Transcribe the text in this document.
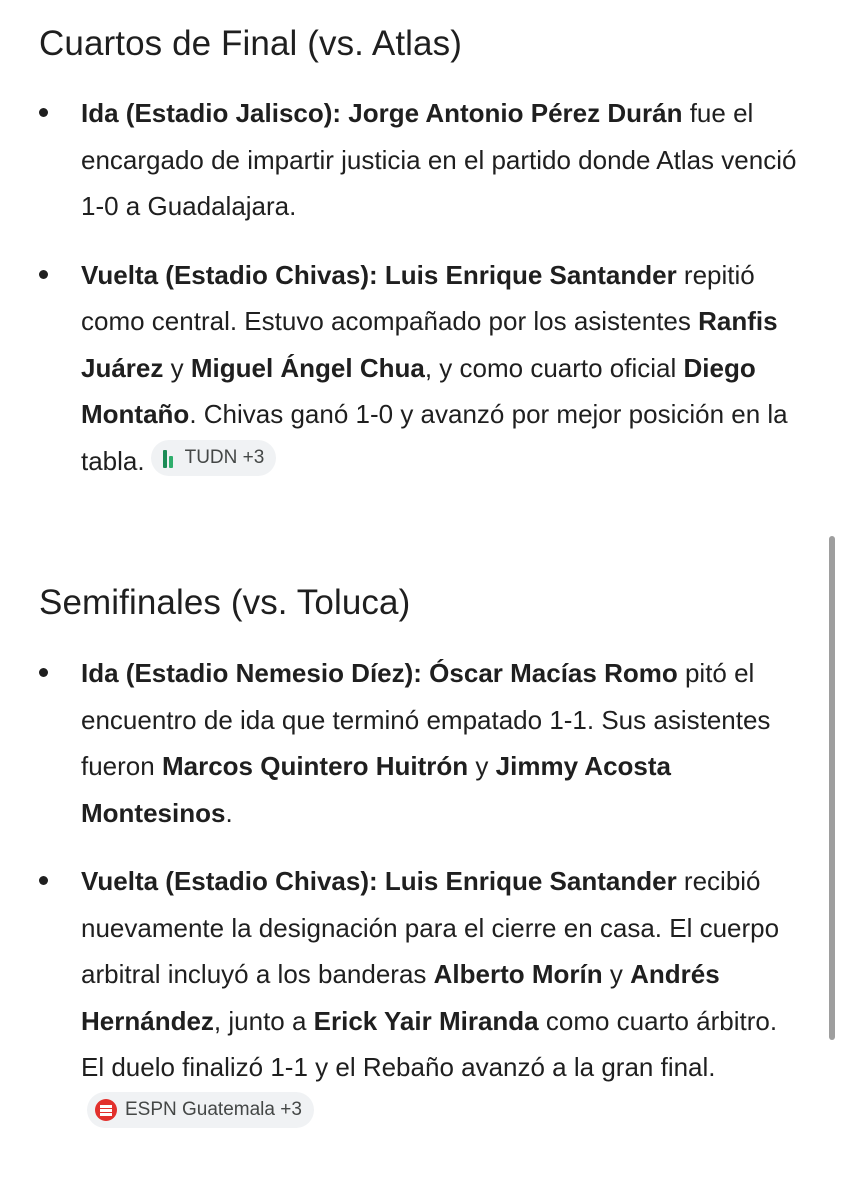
Cuartos de Final (vs. Atlas)
Ida (Estadio Jalisco): Jorge Antonio Pérez Durán fue el encargado de impartir justicia en el partido donde Atlas venció 1-0 a Guadalajara.
Vuelta (Estadio Chivas): Luis Enrique Santander repitió como central. Estuvo acompañado por los asistentes Ranfis Juárez y Miguel Ángel Chua, y como cuarto oficial Diego Montaño. Chivas ganó 1-0 y avanzó por mejor posición en la tabla. TUDN +3
Semifinales (vs. Toluca)
Ida (Estadio Nemesio Díez): Óscar Macías Romo pitó el encuentro de ida que terminó empatado 1-1. Sus asistentes fueron Marcos Quintero Huitrón y Jimmy Acosta Montesinos.
Vuelta (Estadio Chivas): Luis Enrique Santander recibió nuevamente la designación para el cierre en casa. El cuerpo arbitral incluyó a los banderas Alberto Morín y Andrés Hernández, junto a Erick Yair Miranda como cuarto árbitro. El duelo finalizó 1-1 y el Rebaño avanzó a la gran final.
ESPN Guatemala +3
